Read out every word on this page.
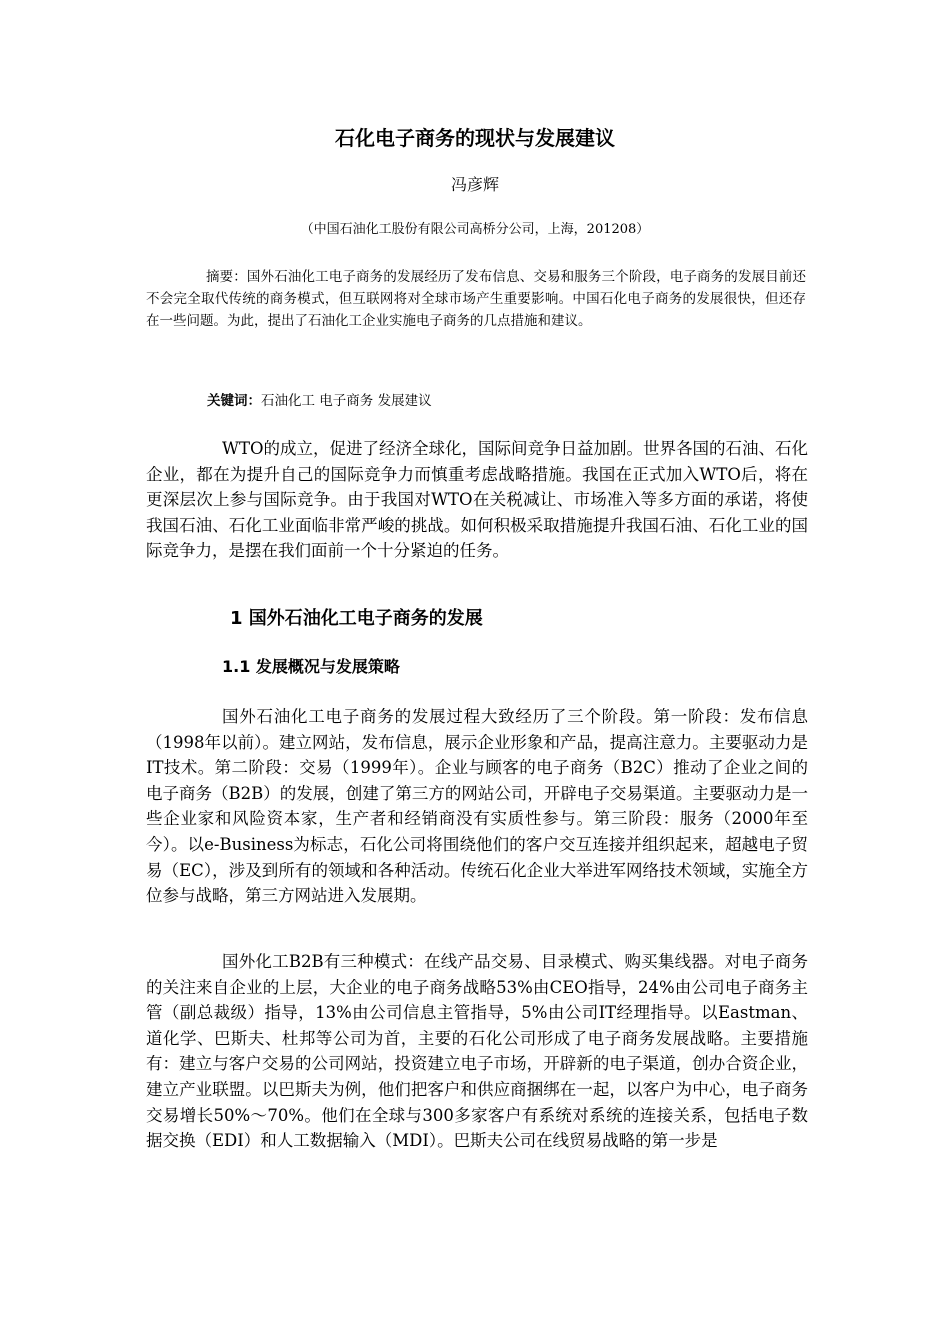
石化电子商务的现状与发展建议
冯彦辉
（中国石油化工股份有限公司高桥分公司，上海，201208）

摘要：国外石油化工电子商务的发展经历了发布信息、交易和服务三个阶段，电子商务的发展目前还不会完全取代传统的商务模式，但互联网将对全球市场产生重要影响。中国石化电子商务的发展很快，但还存在一些问题。为此，提出了石油化工企业实施电子商务的几点措施和建议。

关键词：石油化工 电子商务 发展建议

WTO的成立，促进了经济全球化，国际间竞争日益加剧。世界各国的石油、石化企业，都在为提升自己的国际竞争力而慎重考虑战略措施。我国在正式加入WTO后，将在更深层次上参与国际竞争。由于我国对WTO在关税减让、市场准入等多方面的承诺，将使我国石油、石化工业面临非常严峻的挑战。如何积极采取措施提升我国石油、石化工业的国际竞争力，是摆在我们面前一个十分紧迫的任务。

1 国外石油化工电子商务的发展
1.1 发展概况与发展策略

国外石油化工电子商务的发展过程大致经历了三个阶段。第一阶段：发布信息（1998年以前）。建立网站，发布信息，展示企业形象和产品，提高注意力。主要驱动力是IT技术。第二阶段：交易（1999年）。企业与顾客的电子商务（B2C）推动了企业之间的电子商务（B2B）的发展，创建了第三方的网站公司，开辟电子交易渠道。主要驱动力是一些企业家和风险资本家，生产者和经销商没有实质性参与。第三阶段：服务（2000年至今）。以e-Business为标志，石化公司将围绕他们的客户交互连接并组织起来，超越电子贸易（EC），涉及到所有的领域和各种活动。传统石化企业大举进军网络技术领域，实施全方位参与战略，第三方网站进入发展期。

国外化工B2B有三种模式：在线产品交易、目录模式、购买集线器。对电子商务的关注来自企业的上层，大企业的电子商务战略53%由CEO指导，24%由公司电子商务主管（副总裁级）指导，13%由公司信息主管指导，5%由公司IT经理指导。以Eastman、道化学、巴斯夫、杜邦等公司为首，主要的石化公司形成了电子商务发展战略。主要措施有：建立与客户交易的公司网站，投资建立电子市场，开辟新的电子渠道，创办合资企业，建立产业联盟。以巴斯夫为例，他们把客户和供应商捆绑在一起，以客户为中心，电子商务交易增长50%～70%。他们在全球与300多家客户有系统对系统的连接关系，包括电子数据交换（EDI）和人工数据输入（MDI）。巴斯夫公司在线贸易战略的第一步是
